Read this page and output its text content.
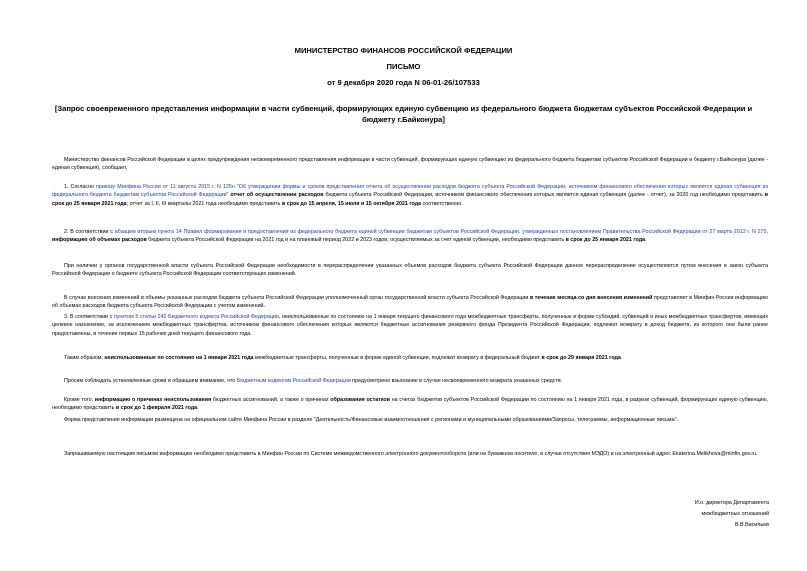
МИНИСТЕРСТВО ФИНАНСОВ РОССИЙСКОЙ ФЕДЕРАЦИИ
ПИСЬМО
от 9 декабря 2020 года N 06-01-26/107533
[Запрос своевременного представления информации в части субвенций, формирующих единую субвенцию из федерального бюджета бюджетам субъектов Российской Федерации и бюджету г.Байконура]

Министерство финансов Российской Федерации в целях предупреждения несвоевременного представления информации в части субвенций, формирующих единую субвенцию из федерального бюджета бюджетам субъектов Российской Федерации и бюджету г.Байконура (далее - единая субвенция), сообщает.

1. Согласно приказу Минфина России от 11 августа 2015 г. N 125н "Об утверждении формы и сроков представления отчета об осуществлении расходов бюджета субъекта Российской Федерации, источником финансового обеспечения которых является единая субвенция из федерального бюджета бюджетам субъектов Российской Федерации" отчет об осуществлении расходов бюджета субъекта Российской Федерации, источником финансового обеспечения которых является единая субвенция (далее - отчет), за 2020 год необходимо представить в срок до 25 января 2021 года; отчет за I, II, III кварталы 2021 года необходимо представить в срок до 15 апреля, 15 июля и 15 октября 2021 года соответственно.

2. В соответствии с абзацем вторым пункта 14 Правил формирования и предоставления из федерального бюджета единой субвенции бюджетам субъектов Российской Федерации, утвержденных постановлением Правительства Российской Федерации от 27 марта 2013 г. N 275, информацию об объемах расходов бюджета субъекта Российской Федерации на 2021 год и на плановый период 2022 и 2023 годов, осуществляемых за счет единой субвенции, необходимо представить в срок до 25 января 2021 года.

При наличии у органов государственной власти субъекта Российской Федерации необходимости в перераспределении указанных объемов расходов бюджета субъекта Российской Федерации данное перераспределение осуществляется путем внесения в закон субъекта Российской Федерации о бюджете субъекта Российской Федерации соответствующих изменений.

В случае внесения изменений в объемы указанных расходов бюджета субъекта Российской Федерации уполномоченный орган государственной власти субъекта Российской Федерации в течение месяца со дня внесения изменений представляет в Минфин России информацию об объемах расходов бюджета субъекта Российской Федерации с учетом изменений.

3. В соответствии с пунктом 5 статьи 242 Бюджетного кодекса Российской Федерации, неиспользованные по состоянию на 1 января текущего финансового года межбюджетные трансферты, полученные в форме субсидий, субвенций и иных межбюджетных трансфертов, имеющих целевое назначение, за исключением межбюджетных трансфертов, источником финансового обеспечения которых являются бюджетные ассигнования резервного фонда Президента Российской Федерации, подлежат возврату в доход бюджета, из которого они были ранее предоставлены, в течение первых 15 рабочих дней текущего финансового года.

Таким образом, неиспользованные по состоянию на 1 января 2021 года межбюджетные трансферты, полученные в форме единой субвенции, подлежат возврату в федеральный бюджет в срок до 29 января 2021 года.

Просим соблюдать установленные сроки и обращаем внимание, что Бюджетным кодексом Российской Федерации предусмотрено взыскание в случае несвоевременного возврата указанных средств.

Кроме того, информацию о причинах неиспользования бюджетных ассигнований, а также о причинах образования остатков на счетах бюджетов субъектов Российской Федерации по состоянию на 1 января 2021 года, в разрезе субвенций, формирующих единую субвенцию, необходимо представить в срок до 1 февраля 2021 года.

Форма представления информации размещена на официальном сайте Минфина России в разделе "Деятельность/Финансовые взаимоотношения с регионами и муниципальными образованиями/Запросы, телеграммы, информационные письма".

Запрашиваемую настоящим письмом информацию необходимо представить в Минфин России по Системе межведомственного электронного документооборота (или на бумажном носителе, в случае отсутствия МЭДО) и на электронный адрес Ekaterina.Melikhova@minfin.gov.ru.

И.о. директора Департамента
межбюджетных отношений
В.В.Васильев
